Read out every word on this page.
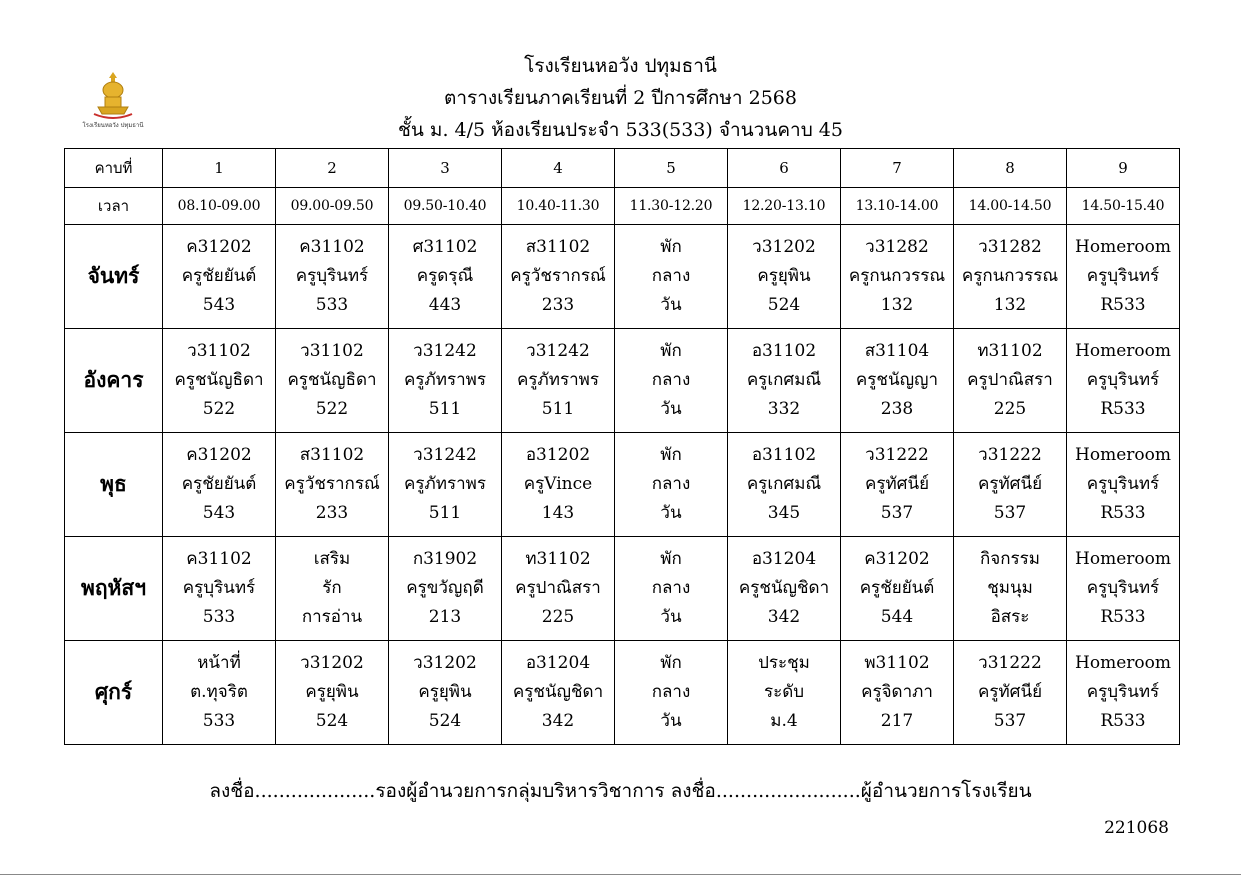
โรงเรียนหอวัง ปทุมธานี
โรงเรียนหอวัง ปทุมธานี
ตารางเรียนภาคเรียนที่ 2 ปีการศึกษา 2568
ชั้น ม. 4/5 ห้องเรียนประจำ 533(533) จำนวนคาบ 45
คาบที่	1	2	3	4	5	6	7	8	9
เวลา	08.10-09.00	09.00-09.50	09.50-10.40	10.40-11.30	11.30-12.20	12.20-13.10	13.10-14.00	14.00-14.50	14.50-15.40
จันทร์	ค31202
ครูชัยยันต์
543	ค31102
ครูบุรินทร์
533	ศ31102
ครูดรุณี
443	ส31102
ครูวัชรากรณ์
233	พัก
กลาง
วัน	ว31202
ครูยุพิน
524	ว31282
ครูกนกวรรณ
132	ว31282
ครูกนกวรรณ
132	Homeroom
ครูบุรินทร์
R533

อังคาร	ว31102
ครูชนัญธิดา
522	ว31102
ครูชนัญธิดา
522	ว31242
ครูภัทราพร
511	ว31242
ครูภัทราพร
511	พัก
กลาง
วัน	อ31102
ครูเกศมณี
332	ส31104
ครูชนัญญา
238	ท31102
ครูปาณิสรา
225	Homeroom
ครูบุรินทร์
R533

พุธ	ค31202
ครูชัยยันต์
543	ส31102
ครูวัชรากรณ์
233	ว31242
ครูภัทราพร
511	อ31202
ครูVince
143	พัก
กลาง
วัน	อ31102
ครูเกศมณี
345	ว31222
ครูทัศนีย์
537	ว31222
ครูทัศนีย์
537	Homeroom
ครูบุรินทร์
R533

พฤหัสฯ	ค31102
ครูบุรินทร์
533	เสริม
รัก
การอ่าน	ก31902
ครูขวัญฤดี
213	ท31102
ครูปาณิสรา
225	พัก
กลาง
วัน	อ31204
ครูชนัญชิดา
342	ค31202
ครูชัยยันต์
544	กิจกรรม
ชุมนุม
อิสระ	Homeroom
ครูบุรินทร์
R533

ศุกร์	หน้าที่
ต.ทุจริต
533	ว31202
ครูยุพิน
524	ว31202
ครูยุพิน
524	อ31204
ครูชนัญชิดา
342	พัก
กลาง
วัน	ประชุม
ระดับ
ม.4	พ31102
ครูจิดาภา
217	ว31222
ครูทัศนีย์
537	Homeroom
ครูบุรินทร์
R533
ลงชื่อ....................รองผู้อำนวยการกลุ่มบริหารวิชาการ ลงชื่อ........................ผู้อำนวยการโรงเรียน
221068
